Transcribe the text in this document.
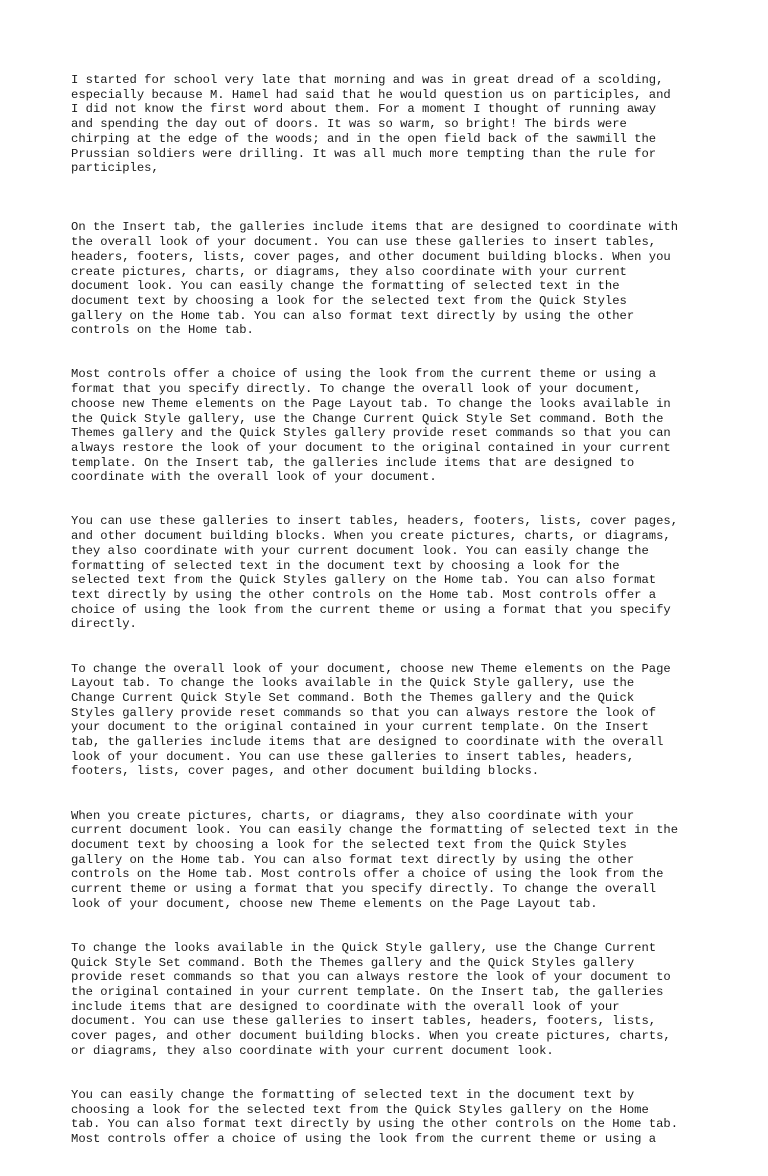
I started for school very late that morning and was in great dread of a scolding,
especially because M. Hamel had said that he would question us on participles, and
I did not know the first word about them. For a moment I thought of running away
and spending the day out of doors. It was so warm, so bright! The birds were
chirping at the edge of the woods; and in the open field back of the sawmill the
Prussian soldiers were drilling. It was all much more tempting than the rule for
participles,

On the Insert tab, the galleries include items that are designed to coordinate with
the overall look of your document. You can use these galleries to insert tables,
headers, footers, lists, cover pages, and other document building blocks. When you
create pictures, charts, or diagrams, they also coordinate with your current
document look. You can easily change the formatting of selected text in the
document text by choosing a look for the selected text from the Quick Styles
gallery on the Home tab. You can also format text directly by using the other
controls on the Home tab.

Most controls offer a choice of using the look from the current theme or using a
format that you specify directly. To change the overall look of your document,
choose new Theme elements on the Page Layout tab. To change the looks available in
the Quick Style gallery, use the Change Current Quick Style Set command. Both the
Themes gallery and the Quick Styles gallery provide reset commands so that you can
always restore the look of your document to the original contained in your current
template. On the Insert tab, the galleries include items that are designed to
coordinate with the overall look of your document.

You can use these galleries to insert tables, headers, footers, lists, cover pages,
and other document building blocks. When you create pictures, charts, or diagrams,
they also coordinate with your current document look. You can easily change the
formatting of selected text in the document text by choosing a look for the
selected text from the Quick Styles gallery on the Home tab. You can also format
text directly by using the other controls on the Home tab. Most controls offer a
choice of using the look from the current theme or using a format that you specify
directly.

To change the overall look of your document, choose new Theme elements on the Page
Layout tab. To change the looks available in the Quick Style gallery, use the
Change Current Quick Style Set command. Both the Themes gallery and the Quick
Styles gallery provide reset commands so that you can always restore the look of
your document to the original contained in your current template. On the Insert
tab, the galleries include items that are designed to coordinate with the overall
look of your document. You can use these galleries to insert tables, headers,
footers, lists, cover pages, and other document building blocks.

When you create pictures, charts, or diagrams, they also coordinate with your
current document look. You can easily change the formatting of selected text in the
document text by choosing a look for the selected text from the Quick Styles
gallery on the Home tab. You can also format text directly by using the other
controls on the Home tab. Most controls offer a choice of using the look from the
current theme or using a format that you specify directly. To change the overall
look of your document, choose new Theme elements on the Page Layout tab.

To change the looks available in the Quick Style gallery, use the Change Current
Quick Style Set command. Both the Themes gallery and the Quick Styles gallery
provide reset commands so that you can always restore the look of your document to
the original contained in your current template. On the Insert tab, the galleries
include items that are designed to coordinate with the overall look of your
document. You can use these galleries to insert tables, headers, footers, lists,
cover pages, and other document building blocks. When you create pictures, charts,
or diagrams, they also coordinate with your current document look.

You can easily change the formatting of selected text in the document text by
choosing a look for the selected text from the Quick Styles gallery on the Home
tab. You can also format text directly by using the other controls on the Home tab.
Most controls offer a choice of using the look from the current theme or using a
